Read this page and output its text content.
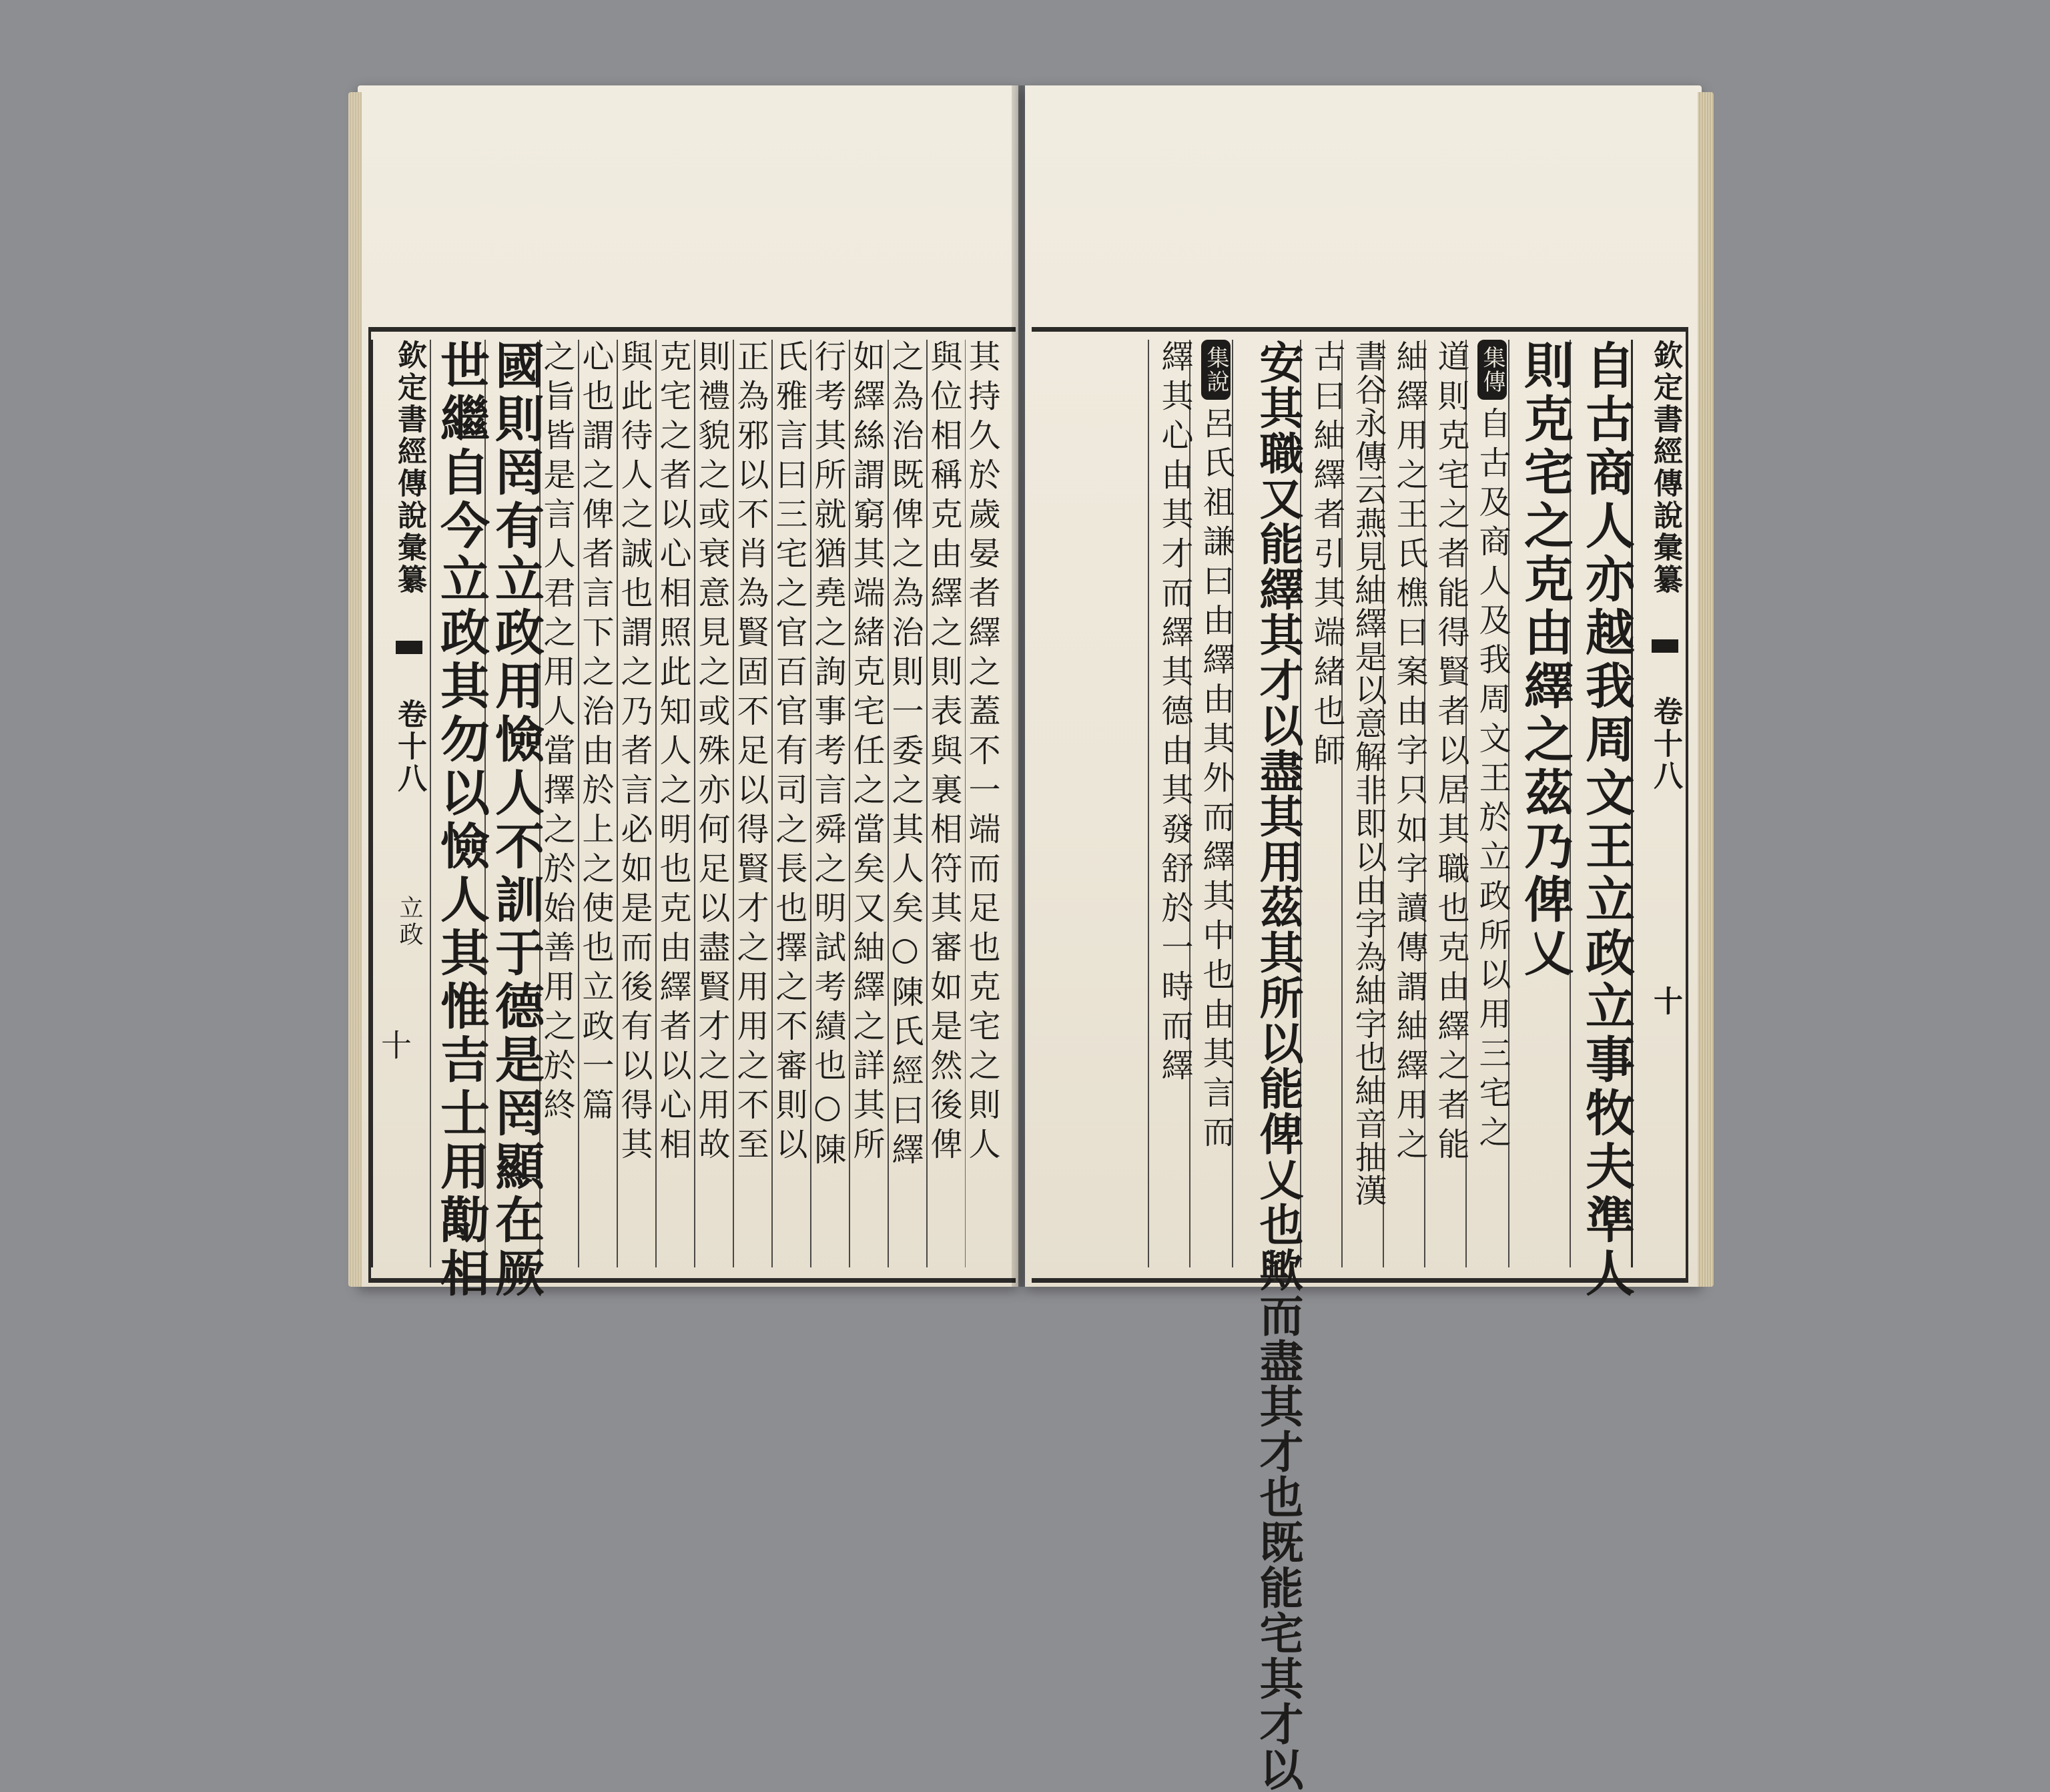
其持久於歲晏者繹之蓋不一端而足也克宅之則人
與位相稱克由繹之則表與裏相符其審如是然後俾
之為治既俾之為治則一委之其人矣○陳氏經曰繹
如繹絲謂窮其端緒克宅任之當矣又紬繹之詳其所
行考其所就猶堯之詢事考言舜之明試考績也○陳
氏雅言曰三宅之官百官有司之長也擇之不審則以
正為邪以不肖為賢固不足以得賢才之用用之不至
則禮貌之或衰意見之或殊亦何足以盡賢才之用故
克宅之者以心相照此知人之明也克由繹者以心相
與此待人之誠也謂之乃者言必如是而後有以得其
心也謂之俾者言下之治由於上之使也立政一篇
之旨皆是言人君之用人當擇之於始善用之於終
國則罔有立政用憸人不訓于德是罔顯在厥
世繼自今立政其勿以憸人其惟吉士用勱相
欽定書經傳說彙纂  卷十八  立政
十
欽定書經傳說彙纂  卷十八  十
自古商人亦越我周文王立政立事牧夫準人
則克宅之克由繹之茲乃俾乂
集傳自古及商人及我周文王於立政所以用三宅之
道則克宅之者能得賢者以居其職也克由繹之者能
紬繹用之王氏樵曰案由字只如字讀傳謂紬繹用之
書谷永傳云燕見紬繹是以意解非即以由字為紬字也紬音抽漢
古曰紬繹者引其端緒也師
安其職又能繹其才以盡其用茲其所以能俾乂也歟而盡其才也既能宅其才以
集說呂氏祖謙曰由繹由其外而繹其中也由其言而
繹其心由其才而繹其德由其發舒於一時而繹
